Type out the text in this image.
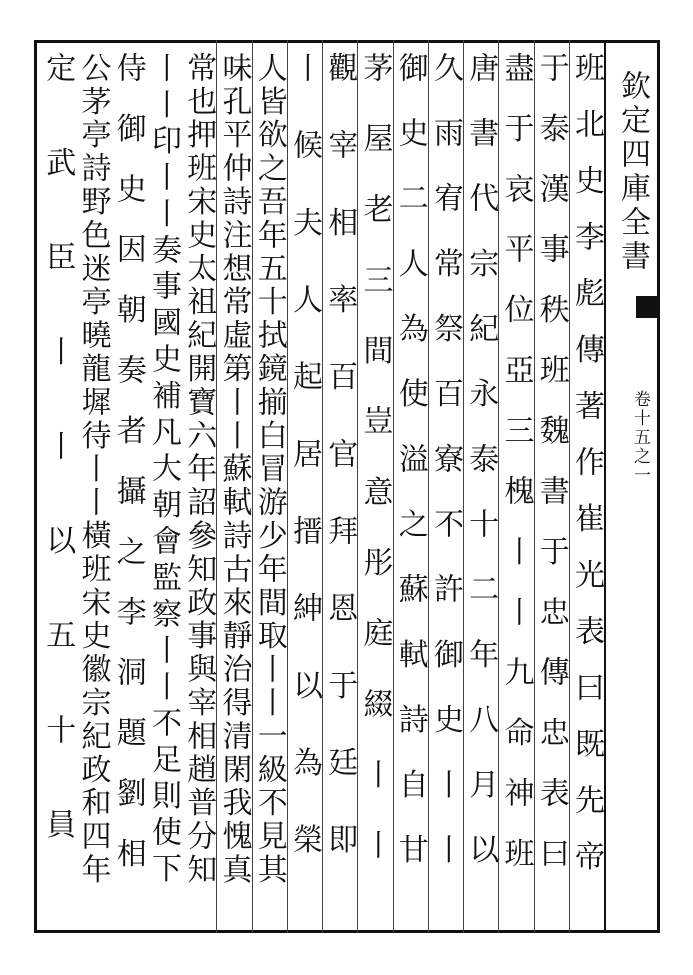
欽定四庫全書
卷十五之一
班北史李彪傳著作崔光表曰既先帝
于泰漢事秩班魏書于忠傳忠表曰
盡于哀平位亞三槐丨丨九命神班
唐書代宗紀永泰十二年八月以
久雨宥常祭百寮不許御史丨丨
御史二人為使溢之蘇軾詩自甘
茅屋老三間豈意彤庭綴丨丨
觀宰相率百官拜恩于廷即
丨候夫人起居搢紳以為榮
人皆欲之吾年五十拭鏡揃白冒游少年間取丨丨一級不見其
味孔平仲詩注想常虛第丨丨蘇軾詩古來靜治得清閑我愧真
常也押班宋史太祖紀開寶六年詔參知政事與宰相趙普分知
丨丨印丨丨奏事國史補凡大朝會監察丨丨不足則使下
侍御史因朝奏者攝之李洞題劉相
公茅亭詩野色迷亭曉龍墀待丨丨橫班宋史徽宗紀政和四年
定武臣丨丨以五十員
